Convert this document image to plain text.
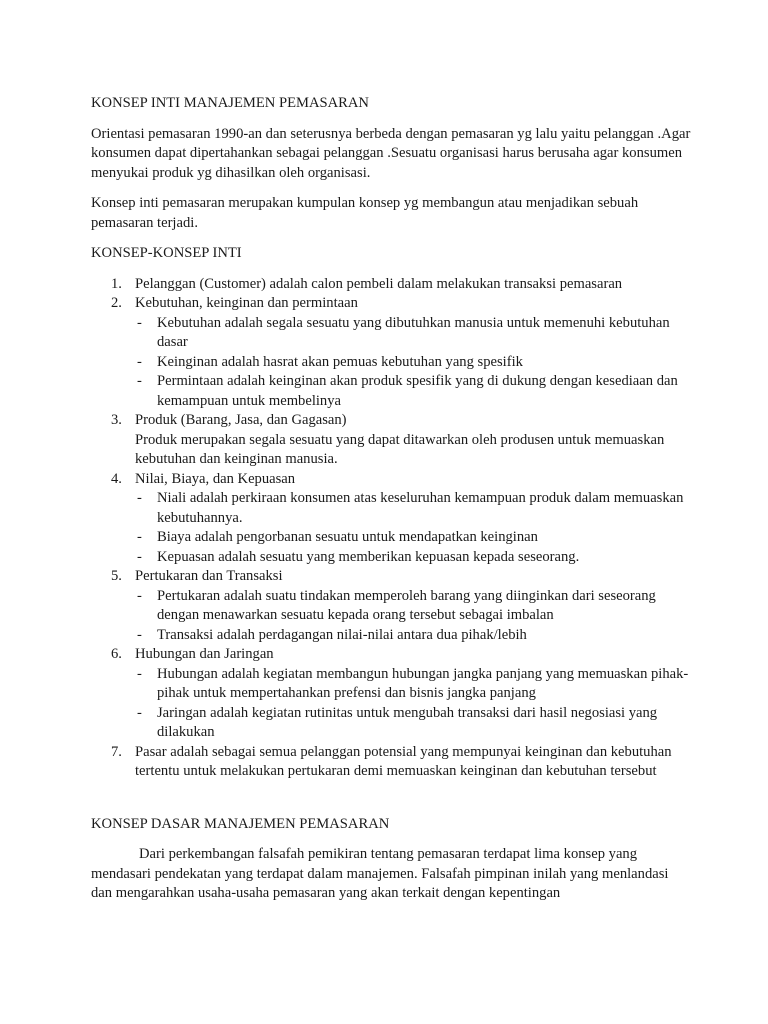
KONSEP INTI MANAJEMEN PEMASARAN

Orientasi pemasaran 1990-an dan seterusnya berbeda dengan pemasaran yg lalu yaitu pelanggan .Agar konsumen dapat dipertahankan sebagai pelanggan .Sesuatu organisasi harus berusaha agar konsumen menyukai produk yg dihasilkan oleh organisasi.

Konsep inti pemasaran merupakan kumpulan konsep yg membangun atau menjadikan sebuah pemasaran terjadi.

KONSEP-KONSEP INTI

1. Pelanggan (Customer) adalah calon pembeli dalam melakukan transaksi pemasaran
2. Kebutuhan, keinginan dan permintaan
- Kebutuhan adalah segala sesuatu yang dibutuhkan manusia untuk memenuhi kebutuhan dasar
- Keinginan adalah hasrat akan pemuas kebutuhan yang spesifik
- Permintaan adalah keinginan akan produk spesifik yang di dukung dengan kesediaan dan kemampuan untuk membelinya
3. Produk (Barang, Jasa, dan Gagasan)
Produk merupakan segala sesuatu yang dapat ditawarkan oleh produsen untuk memuaskan kebutuhan dan keinginan manusia.
4. Nilai, Biaya, dan Kepuasan
- Niali adalah perkiraan konsumen atas keseluruhan kemampuan produk dalam memuaskan kebutuhannya.
- Biaya adalah pengorbanan sesuatu untuk mendapatkan keinginan
- Kepuasan adalah sesuatu yang memberikan kepuasan kepada seseorang.
5. Pertukaran dan Transaksi
- Pertukaran adalah suatu tindakan memperoleh barang yang diinginkan dari seseorang dengan menawarkan sesuatu kepada orang tersebut sebagai imbalan
- Transaksi adalah perdagangan nilai-nilai antara dua pihak/lebih
6. Hubungan dan Jaringan
- Hubungan adalah kegiatan membangun hubungan jangka panjang yang memuaskan pihak-pihak untuk mempertahankan prefensi dan bisnis jangka panjang
- Jaringan adalah kegiatan rutinitas untuk mengubah transaksi dari hasil negosiasi yang dilakukan
7. Pasar adalah sebagai semua pelanggan potensial yang mempunyai keinginan dan kebutuhan tertentu untuk melakukan pertukaran demi memuaskan keinginan dan kebutuhan tersebut

KONSEP DASAR MANAJEMEN PEMASARAN

Dari perkembangan falsafah pemikiran tentang pemasaran terdapat lima konsep yang mendasari pendekatan yang terdapat dalam manajemen. Falsafah pimpinan inilah yang menlandasi dan mengarahkan usaha-usaha pemasaran yang akan terkait dengan kepentingan
